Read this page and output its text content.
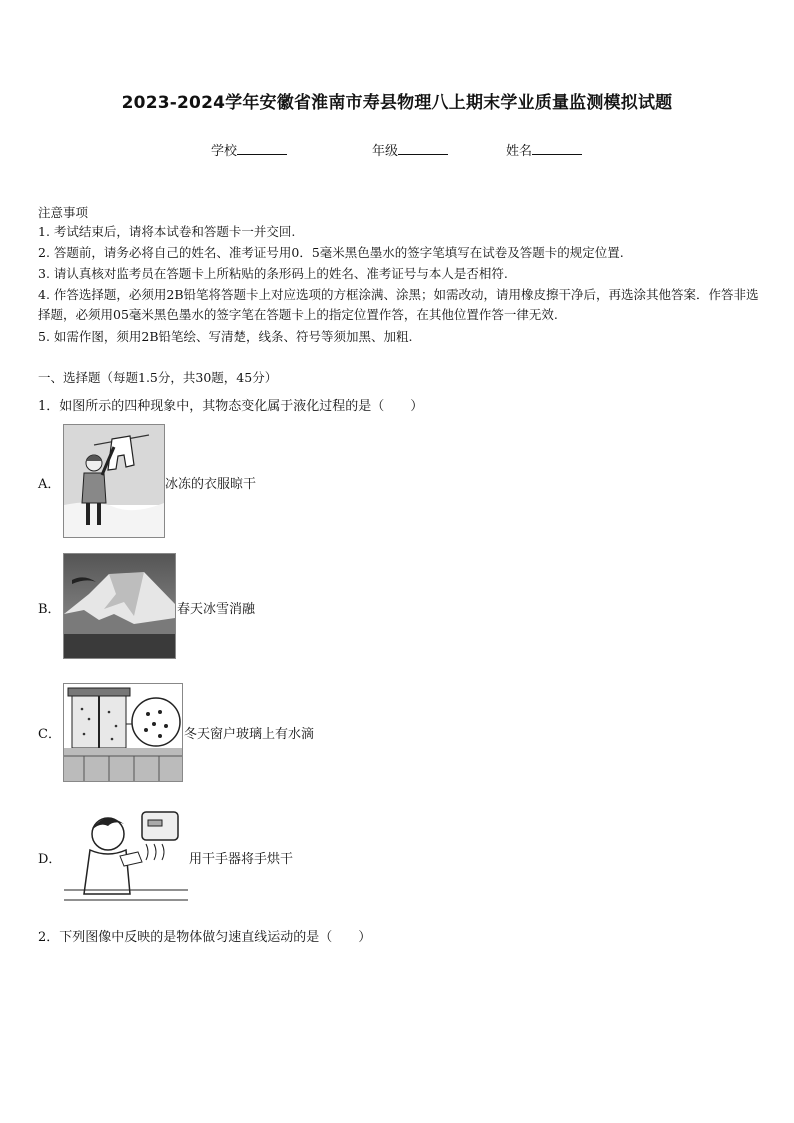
2023-2024学年安徽省淮南市寿县物理八上期末学业质量监测模拟试题
学校	年级	姓名
注意事项
1. 考试结束后，请将本试卷和答题卡一并交回.
2. 答题前，请务必将自己的姓名、准考证号用0．5毫米黑色墨水的签字笔填写在试卷及答题卡的规定位置.
3. 请认真核对监考员在答题卡上所粘贴的条形码上的姓名、准考证号与本人是否相符.
4. 作答选择题，必须用2B铅笔将答题卡上对应选项的方框涂满、涂黑；如需改动，请用橡皮擦干净后，再选涂其他答案．作答非选择题，必须用05毫米黑色墨水的签字笔在答题卡上的指定位置作答，在其他位置作答一律无效.
5. 如需作图，须用2B铅笔绘、写清楚，线条、符号等须加黑、加粗.
一、选择题（每题1.5分，共30题，45分）
1．如图所示的四种现象中，其物态变化属于液化过程的是（　　）
A．	冰冻的衣服晾干
B．	春天冰雪消融
C．	冬天窗户玻璃上有水滴
D．	用干手器将手烘干
2．下列图像中反映的是物体做匀速直线运动的是（　　）
